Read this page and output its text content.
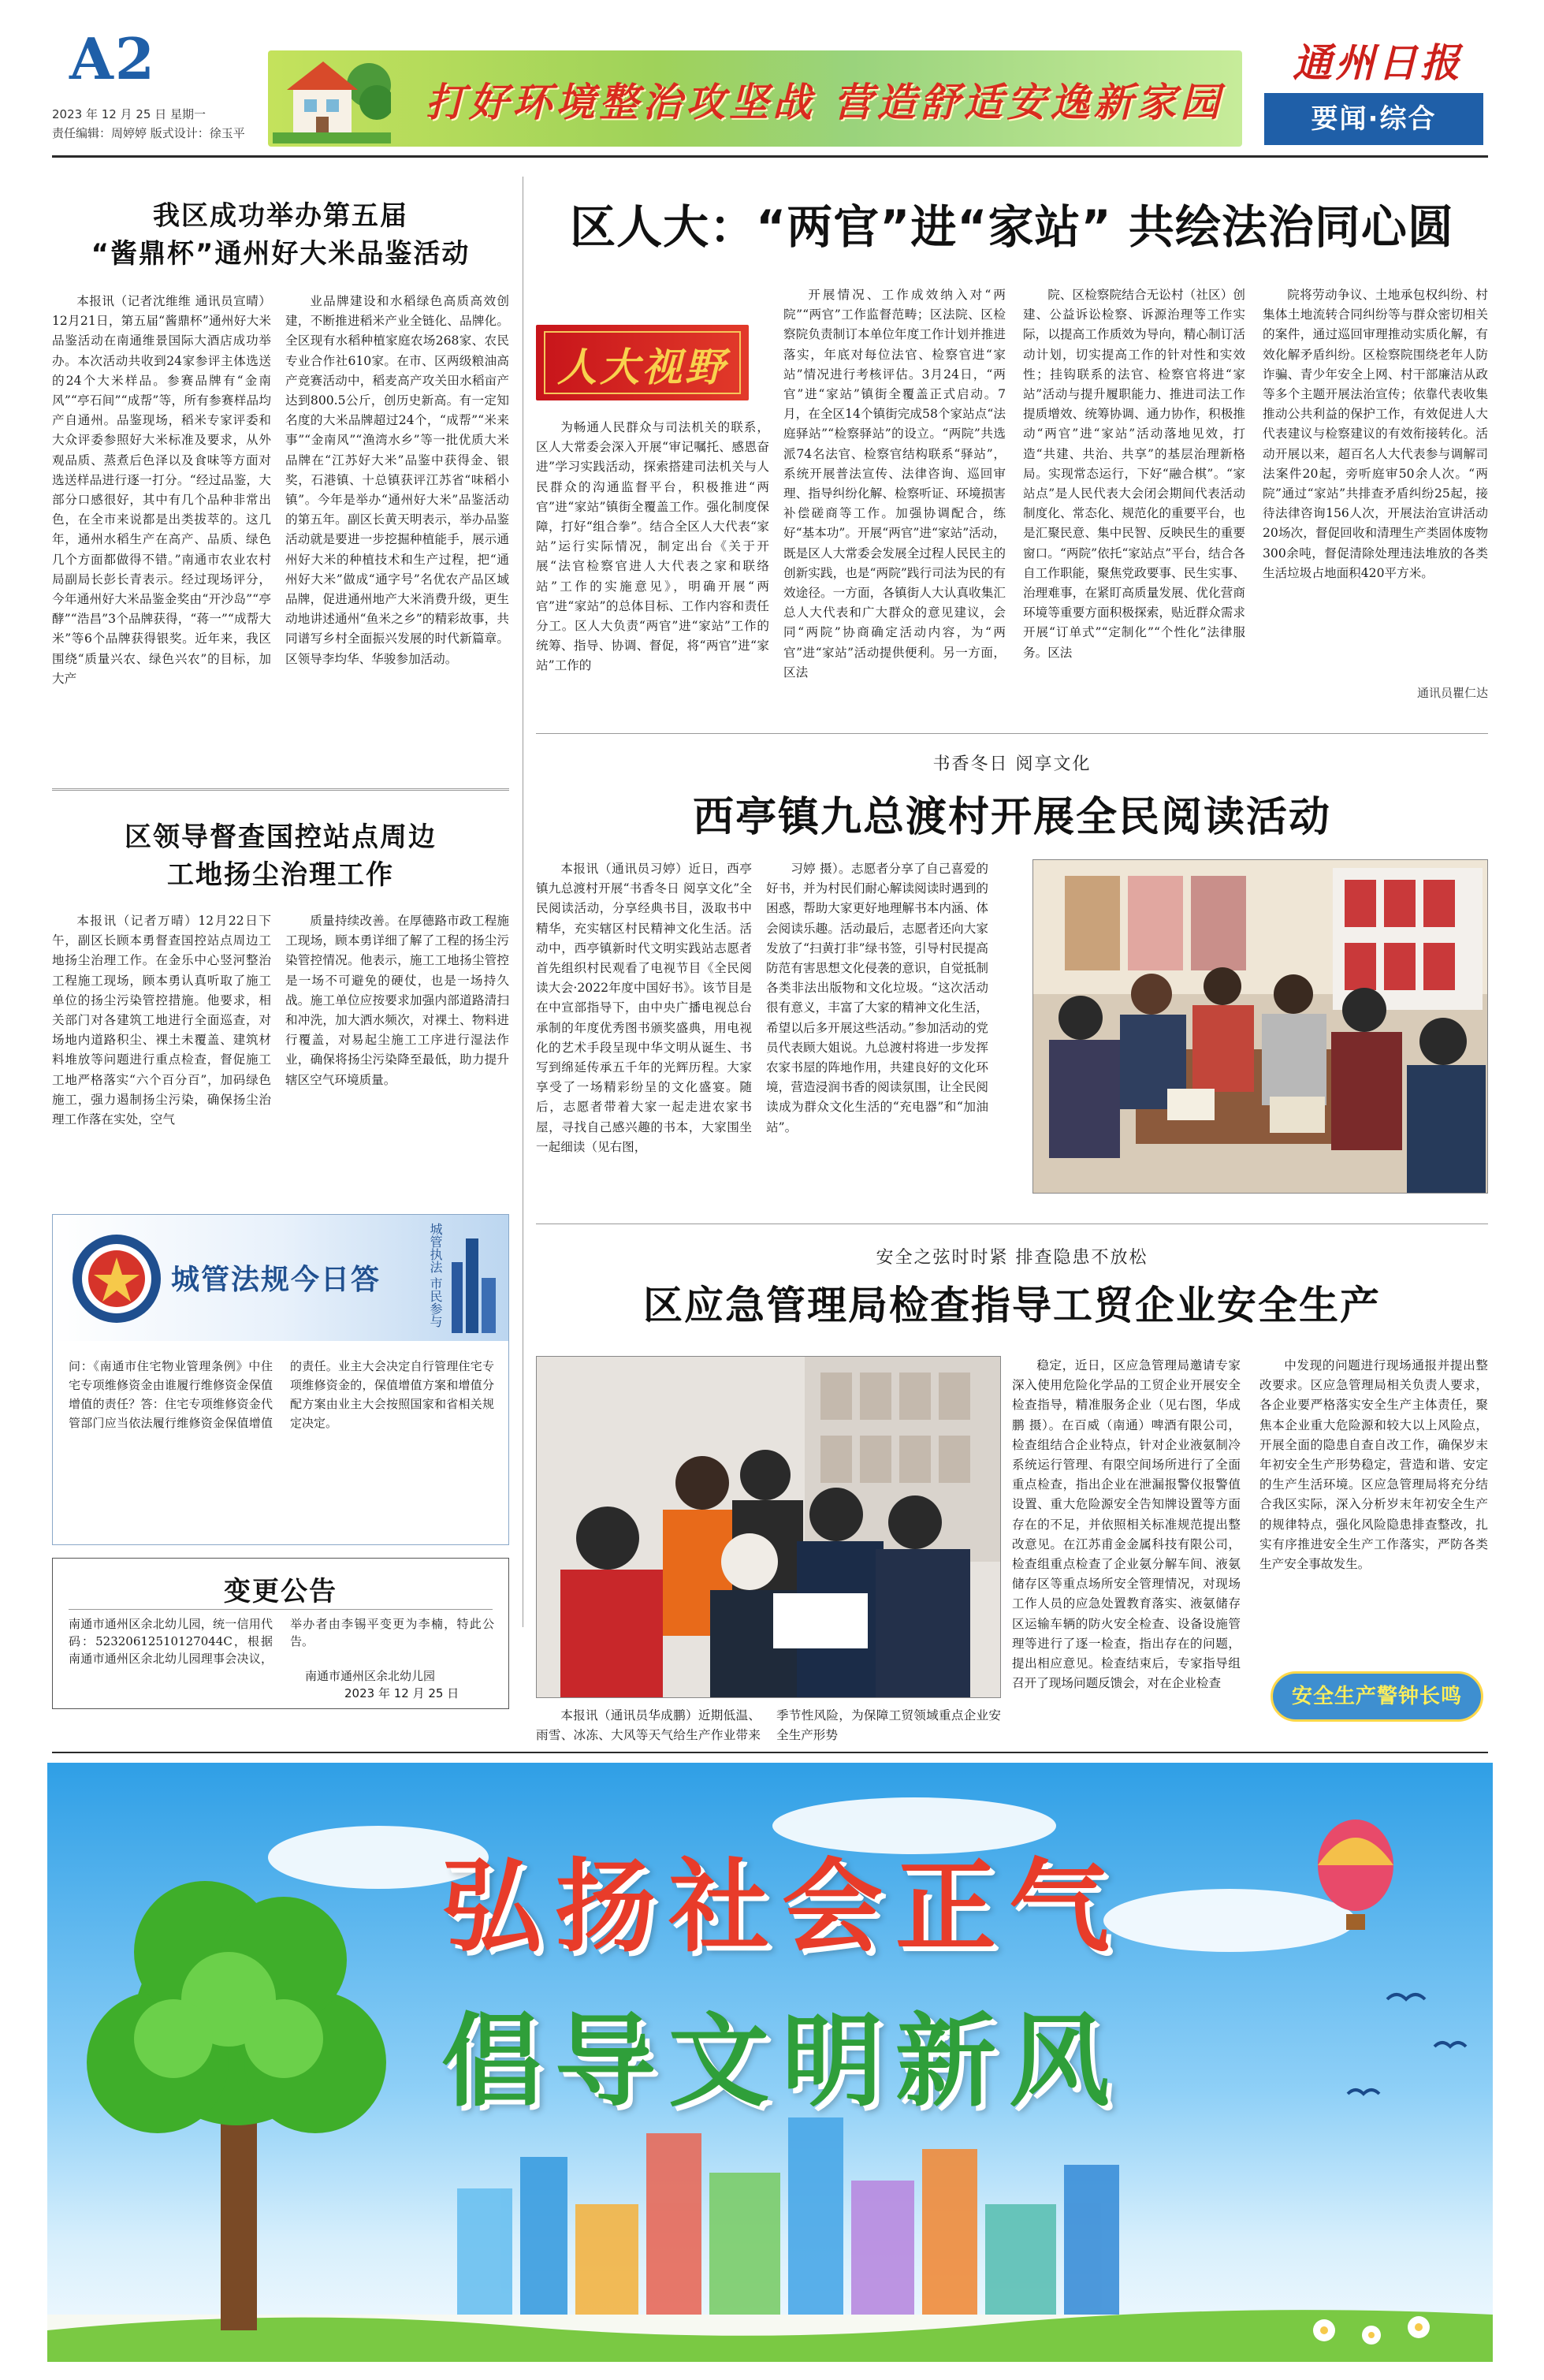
A2
2023 年 12 月 25 日 星期一
责任编辑：周婷婷 版式设计：徐玉平
打好环境整治攻坚战 营造舒适安逸新家园
通州日报
要闻·综合
我区成功举办第五届
“酱鼎杯”通州好大米品鉴活动
本报讯（记者沈维维 通讯员宣晴）12月21日，第五届“酱鼎杯”通州好大米品鉴活动在南通维景国际大酒店成功举办。本次活动共收到24家参评主体选送的24个大米样品。参赛品牌有“金南风”“亭石间”“成帮”等，所有参赛样品均产自通州。品鉴现场，稻米专家评委和大众评委参照好大米标准及要求，从外观品质、蒸煮后色泽以及食味等方面对选送样品进行逐一打分。“经过品鉴，大部分口感很好，其中有几个品种非常出色，在全市来说都是出类拔萃的。这几年，通州水稻生产在高产、品质、绿色几个方面都做得不错。”南通市农业农村局副局长彭长青表示。经过现场评分，今年通州好大米品鉴金奖由“开沙岛”“亭酵”“浩昌”3个品牌获得，“蒋一”“成帮大米”等6个品牌获得银奖。近年来，我区围绕“质量兴农、绿色兴农”的目标，加大产
业品牌建设和水稻绿色高质高效创建，不断推进稻米产业全链化、品牌化。全区现有水稻种植家庭农场268家、农民专业合作社610家。在市、区两级粮油高产竞赛活动中，稻麦高产攻关田水稻亩产达到800.5公斤，创历史新高。有一定知名度的大米品牌超过24个，“成帮”“米来事”“金南风”“渔湾水乡”等一批优质大米品牌在“江苏好大米”品鉴中获得金、银奖，石港镇、十总镇获评江苏省“味稻小镇”。今年是举办“通州好大米”品鉴活动的第五年。副区长黄天明表示，举办品鉴活动就是要进一步挖掘种植能手，展示通州好大米的种植技术和生产过程，把“通州好大米”做成“通字号”名优农产品区域品牌，促进通州地产大米消费升级，更生动地讲述通州“鱼米之乡”的精彩故事，共同谱写乡村全面振兴发展的时代新篇章。区领导李均华、华骏参加活动。
区人大：“两官”进“家站” 共绘法治同心圆
人大视野
为畅通人民群众与司法机关的联系，区人大常委会深入开展“审记嘱托、感恩奋进”学习实践活动，探索搭建司法机关与人民群众的沟通监督平台，积极推进“两官”进“家站”镇街全覆盖工作。强化制度保障，打好“组合拳”。结合全区人大代表“家站”运行实际情况，制定出台《关于开展“法官检察官进人大代表之家和联络站”工作的实施意见》，明确开展“两官”进“家站”的总体目标、工作内容和责任分工。区人大负责“两官”进“家站”工作的统筹、指导、协调、督促，将“两官”进“家站”工作的
开展情况、工作成效纳入对“两院”“两官”工作监督范畴；区法院、区检察院负责制订本单位年度工作计划并推进落实，年底对每位法官、检察官进“家站”情况进行考核评估。3月24日，“两官”进“家站”镇街全覆盖正式启动。7月，在全区14个镇街完成58个家站点“法庭驿站”“检察驿站”的设立。“两院”共选派74名法官、检察官结构联系“驿站”，系统开展普法宣传、法律咨询、巡回审理、指导纠纷化解、检察听证、环境损害补偿磋商等工作。加强协调配合，练好“基本功”。开展“两官”进“家站”活动，既是区人大常委会发展全过程人民民主的创新实践，也是“两院”践行司法为民的有效途径。一方面，各镇街人大认真收集汇总人大代表和广大群众的意见建议，会同“两院”协商确定活动内容，为“两官”进“家站”活动提供便利。另一方面，区法
院、区检察院结合无讼村（社区）创建、公益诉讼检察、诉源治理等工作实际，以提高工作质效为导向，精心制订活动计划，切实提高工作的针对性和实效性；挂钩联系的法官、检察官将进“家站”活动与提升履职能力、推进司法工作提质增效、统筹协调、通力协作，积极推动“两官”进“家站”活动落地见效，打造“共建、共治、共享”的基层治理新格局。实现常态运行，下好“融合棋”。“家站点”是人民代表大会闭会期间代表活动制度化、常态化、规范化的重要平台，也是汇聚民意、集中民智、反映民生的重要窗口。“两院”依托“家站点”平台，结合各自工作职能，聚焦党政要事、民生实事、治理难事，在紧盯高质量发展、优化营商环境等重要方面积极探索，贴近群众需求开展“订单式”“定制化”“个性化”法律服务。区法
院将劳动争议、土地承包权纠纷、村集体土地流转合同纠纷等与群众密切相关的案件，通过巡回审理推动实质化解，有效化解矛盾纠纷。区检察院围绕老年人防诈骗、青少年安全上网、村干部廉洁从政等多个主题开展法治宣传；依靠代表收集推动公共利益的保护工作，有效促进人大代表建议与检察建议的有效衔接转化。活动开展以来，超百名人大代表参与调解司法案件20起，旁听庭审50余人次。“两院”通过“家站”共排查矛盾纠纷25起，接待法律咨询156人次，开展法治宣讲活动20场次，督促回收和清理生产类固体废物300余吨，督促清除处理违法堆放的各类生活垃圾占地面积420平方米。
通讯员瞿仁达
书香冬日 阅享文化
西亭镇九总渡村开展全民阅读活动
本报讯（通讯员习婷）近日，西亭镇九总渡村开展“书香冬日 阅享文化”全民阅读活动，分享经典书目，汲取书中精华，充实辖区村民精神文化生活。活动中，西亭镇新时代文明实践站志愿者首先组织村民观看了电视节目《全民阅读大会·2022年度中国好书》。该节目是在中宣部指导下，由中央广播电视总台承制的年度优秀图书颁奖盛典，用电视化的艺术手段呈现中华文明从诞生、书写到绵延传承五千年的光辉历程。大家享受了一场精彩纷呈的文化盛宴。随后，志愿者带着大家一起走进农家书屋，寻找自己感兴趣的书本，大家围坐一起细读（见右图，
习婷 摄）。志愿者分享了自己喜爱的好书，并为村民们耐心解读阅读时遇到的困惑，帮助大家更好地理解书本内涵、体会阅读乐趣。活动最后，志愿者还向大家发放了“扫黄打非”绿书签，引导村民提高防范有害思想文化侵袭的意识，自觉抵制各类非法出版物和文化垃圾。“这次活动很有意义，丰富了大家的精神文化生活，希望以后多开展这些活动。”参加活动的党员代表顾大姐说。九总渡村将进一步发挥农家书屋的阵地作用，共建良好的文化环境，营造浸润书香的阅读氛围，让全民阅读成为群众文化生活的“充电器”和“加油站”。
区领导督查国控站点周边
工地扬尘治理工作
本报讯（记者万晴）12月22日下午，副区长顾本勇督查国控站点周边工地扬尘治理工作。在金乐中心竖河整治工程施工现场，顾本勇认真听取了施工单位的扬尘污染管控措施。他要求，相关部门对各建筑工地进行全面巡查，对场地内道路积尘、裸土未覆盖、建筑材料堆放等问题进行重点检查，督促施工工地严格落实“六个百分百”，加码绿色施工，强力遏制扬尘污染，确保扬尘治理工作落在实处，空气
质量持续改善。在厚德路市政工程施工现场，顾本勇详细了解了工程的扬尘污染管控情况。他表示，施工工地扬尘管控是一场不可避免的硬仗，也是一场持久战。施工单位应按要求加强内部道路清扫和冲洗，加大洒水频次，对裸土、物料进行覆盖，对易起尘施工工序进行湿法作业，确保将扬尘污染降至最低，助力提升辖区空气环境质量。
城管法规今日答	城管执法 市民参与
问：《南通市住宅物业管理条例》中住宅专项维修资金由谁履行维修资金保值增值的责任？答：住宅专项维修资金代管部门应当依法履行维修资金保值增值的责任。业主大会决定自行管理住宅专项维修资金的，保值增值方案和增值分配方案由业主大会按照国家和省相关规定决定。
变更公告
南通市通州区余北幼儿园，统一信用代码：52320612510127044C，根据南通市通州区余北幼儿园理事会决议，举办者由李锡平变更为李楠，特此公告。
南通市通州区余北幼儿园
2023 年 12 月 25 日
安全之弦时时紧 排查隐患不放松
区应急管理局检查指导工贸企业安全生产
本报讯（通讯员华成鹏）近期低温、雨雪、冰冻、大风等天气给生产作业带来季节性风险，为保障工贸领域重点企业安全生产形势
稳定，近日，区应急管理局邀请专家深入使用危险化学品的工贸企业开展安全检查指导，精准服务企业（见右图，华成鹏 摄）。在百威（南通）啤酒有限公司，检查组结合企业特点，针对企业液氨制冷系统运行管理、有限空间场所进行了全面重点检查，指出企业在泄漏报警仪报警值设置、重大危险源安全告知牌设置等方面存在的不足，并依照相关标准规范提出整改意见。在江苏甫金金属科技有限公司，检查组重点检查了企业氨分解车间、液氨储存区等重点场所安全管理情况，对现场工作人员的应急处置教育落实、液氨储存区运输车辆的防火安全检查、设备设施管理等进行了逐一检查，指出存在的问题，提出相应意见。检查结束后，专家指导组召开了现场问题反馈会，对在企业检查
中发现的问题进行现场通报并提出整改要求。区应急管理局相关负责人要求，各企业要严格落实安全生产主体责任，聚焦本企业重大危险源和较大以上风险点，开展全面的隐患自查自改工作，确保岁末年初安全生产形势稳定，营造和谐、安定的生产生活环境。区应急管理局将充分结合我区实际，深入分析岁末年初安全生产的规律特点，强化风险隐患排查整改，扎实有序推进安全生产工作落实，严防各类生产安全事故发生。
安全生产警钟长鸣
弘扬社会正气
倡导文明新风
